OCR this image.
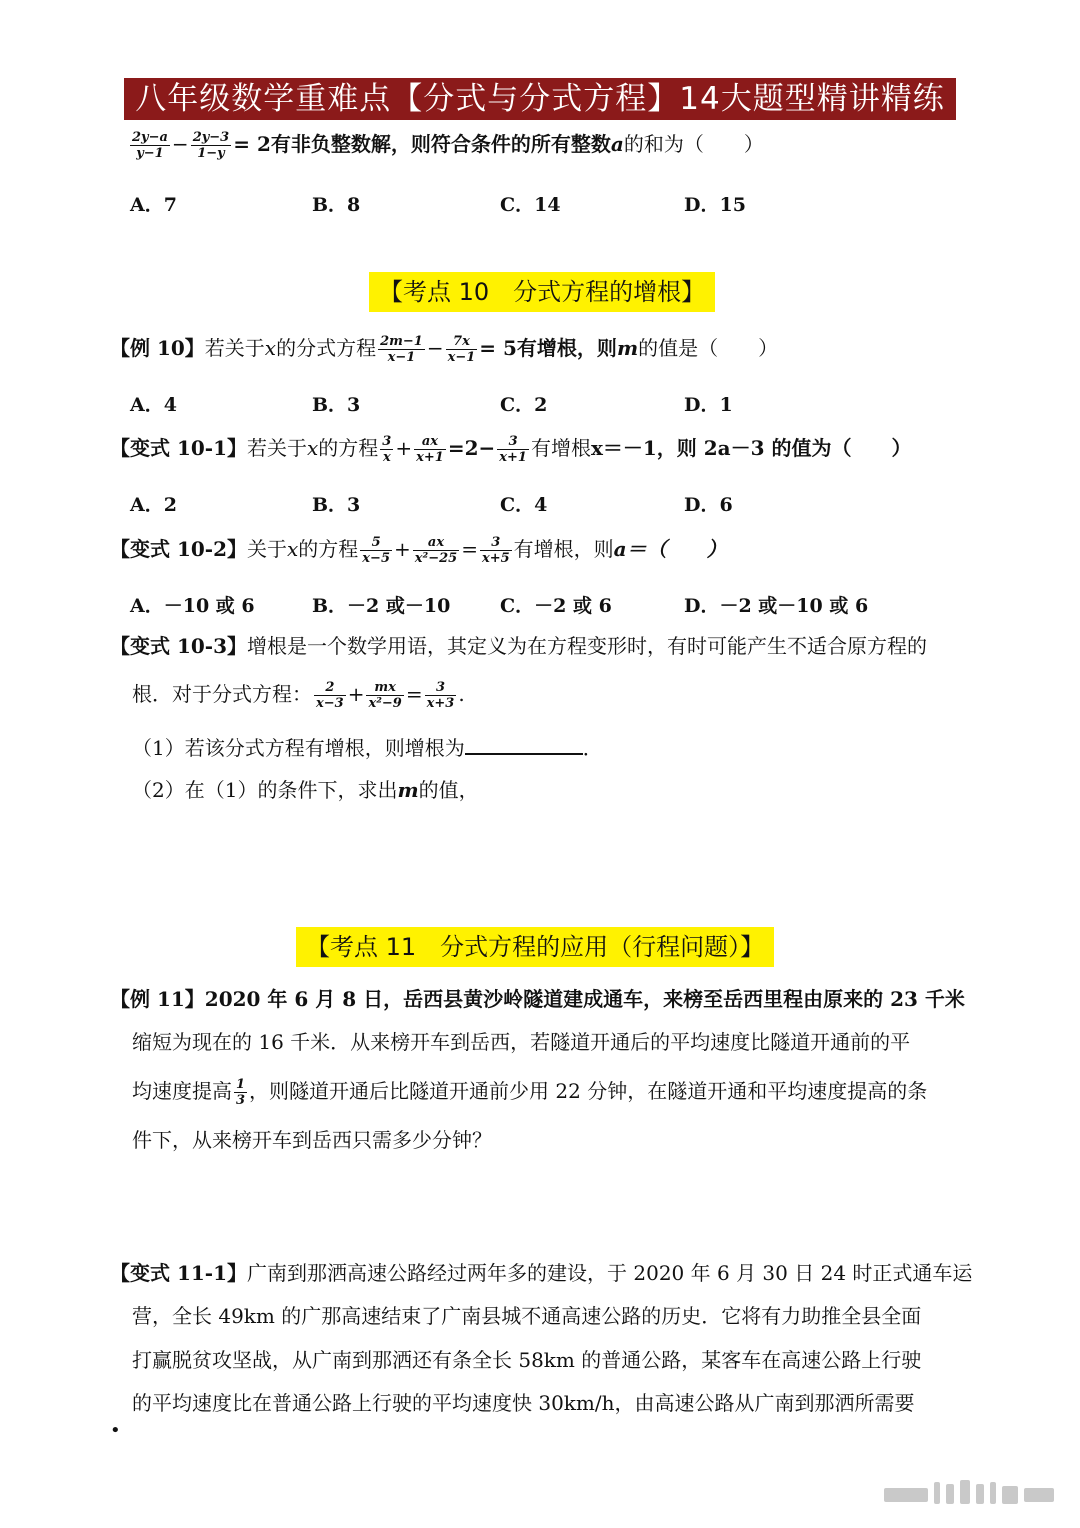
八年级数学重难点【分式与分式方程】14大题型精讲精练
$\frac{2y-a}{y-1} - \frac{2y-3}{1-y} = 2$有非负整数解，则符合条件的所有整数a的和为（　　）
A．7	B．8	C．14	D．15
【考点 10　分式方程的增根】
【例 10】若关于x的分式方程 $\frac{2m-1}{x-1} - \frac{7x}{x-1} = 5$有增根，则m的值是（　　）
A．4	B．3	C．2	D．1
【变式 10-1】若关于x的方程 $\frac{3}{x} + \frac{ax}{x+1} =2- \frac{3}{x+1}$ 有增根x＝－1，则 2a－3 的值为（　　）
A．2	B．3	C．4	D．6
【变式 10-2】关于x的方程 $\frac{5}{x-5} + \frac{ax}{\text{x²−25}} = \frac{3}{x+5}$ 有增根，则a＝（　　）
A．－10 或 6	B．－2 或－10	C．－2 或 6	D．－2 或－10 或 6
【变式 10-3】增根是一个数学用语，其定义为在方程变形时，有时可能产生不适合原方程的
根．对于分式方程： $\frac{2}{x-3} + \frac{mx}{\text{x²−9}} = \frac{3}{x+3}$ .
（1）若该分式方程有增根，则增根为	．
（2）在（1）的条件下，求出m的值，
【考点 11　分式方程的应用（行程问题）】
【例 11】2020 年 6 月 8 日，岳西县黄沙岭隧道建成通车，来榜至岳西里程由原来的 23 千米
缩短为现在的 16 千米．从来榜开车到岳西，若隧道开通后的平均速度比隧道开通前的平
均速度提高 $\frac{1}{3}$ ，则隧道开通后比隧道开通前少用 22 分钟，在隧道开通和平均速度提高的条
件下，从来榜开车到岳西只需多少分钟？
【变式 11-1】广南到那洒高速公路经过两年多的建设，于 2020 年 6 月 30 日 24 时正式通车运
营，全长 49km 的广那高速结束了广南县城不通高速公路的历史．它将有力助推全县全面
打赢脱贫攻坚战，从广南到那洒还有条全长 58km 的普通公路，某客车在高速公路上行驶
的平均速度比在普通公路上行驶的平均速度快 30km/h，由高速公路从广南到那洒所需要
•
